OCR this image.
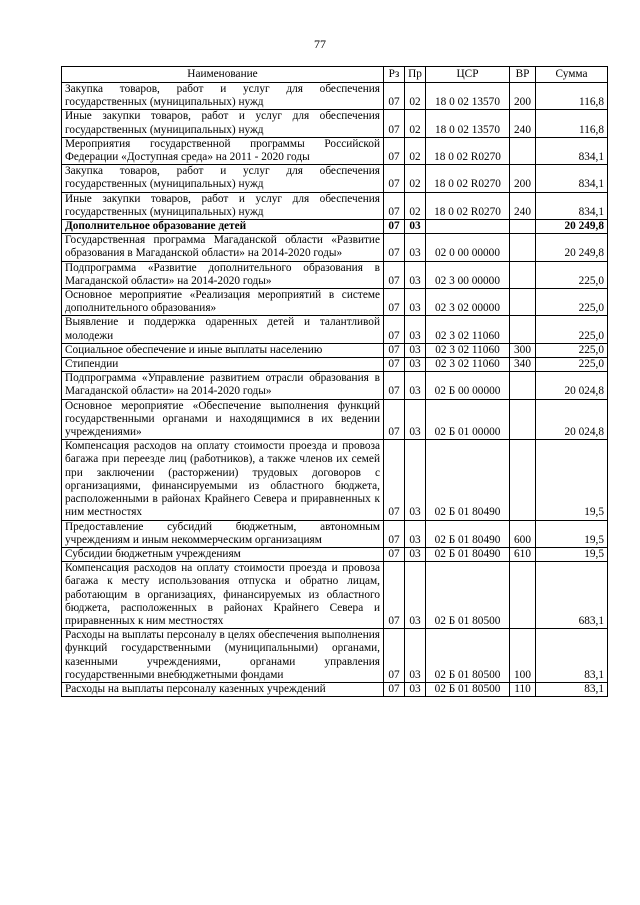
77
Наименование	Рз	Пр	ЦСР	ВР	Сумма
Закупка товаров, работ и услуг для обеспечения государственных (муниципальных) нужд	07	02	18 0 02 13570	200	116,8
Иные закупки товаров, работ и услуг для обеспечения государственных (муниципальных) нужд	07	02	18 0 02 13570	240	116,8
Мероприятия государственной программы Российской Федерации «Доступная среда» на 2011 - 2020 годы	07	02	18 0 02 R0270		834,1
Закупка товаров, работ и услуг для обеспечения государственных (муниципальных) нужд	07	02	18 0 02 R0270	200	834,1
Иные закупки товаров, работ и услуг для обеспечения государственных (муниципальных) нужд	07	02	18 0 02 R0270	240	834,1
Дополнительное образование детей	07	03			20 249,8
Государственная программа Магаданской области «Развитие образования в Магаданской области» на 2014-2020 годы»	07	03	02 0 00 00000		20 249,8
Подпрограмма «Развитие дополнительного образования в Магаданской области» на 2014-2020 годы»	07	03	02 3 00 00000		225,0
Основное мероприятие «Реализация мероприятий в системе дополнительного образования»	07	03	02 3 02 00000		225,0
Выявление и поддержка одаренных детей и талантливой молодежи	07	03	02 3 02 11060		225,0
Социальное обеспечение и иные выплаты населению	07	03	02 3 02 11060	300	225,0
Стипендии	07	03	02 3 02 11060	340	225,0
Подпрограмма «Управление развитием отрасли образования в Магаданской области» на 2014-2020 годы»	07	03	02 Б 00 00000		20 024,8
Основное мероприятие «Обеспечение выполнения функций государственными органами и находящимися в их ведении учреждениями»	07	03	02 Б 01 00000		20 024,8
Компенсация расходов на оплату стоимости проезда и провоза багажа при переезде лиц (работников), а также членов их семей при заключении (расторжении) трудовых договоров с организациями, финансируемыми из областного бюджета, расположенными в районах Крайнего Севера и приравненных к ним местностях	07	03	02 Б 01 80490		19,5
Предоставление субсидий бюджетным, автономным учреждениям и иным некоммерческим организациям	07	03	02 Б 01 80490	600	19,5
Субсидии бюджетным учреждениям	07	03	02 Б 01 80490	610	19,5
Компенсация расходов на оплату стоимости проезда и провоза багажа к месту использования отпуска и обратно лицам, работающим в организациях, финансируемых из областного бюджета, расположенных в районах Крайнего Севера и приравненных к ним местностях	07	03	02 Б 01 80500		683,1
Расходы на выплаты персоналу в целях обеспечения выполнения функций государственными (муниципальными) органами, казенными учреждениями, органами управления государственными внебюджетными фондами	07	03	02 Б 01 80500	100	83,1
Расходы на выплаты персоналу казенных учреждений	07	03	02 Б 01 80500	110	83,1
